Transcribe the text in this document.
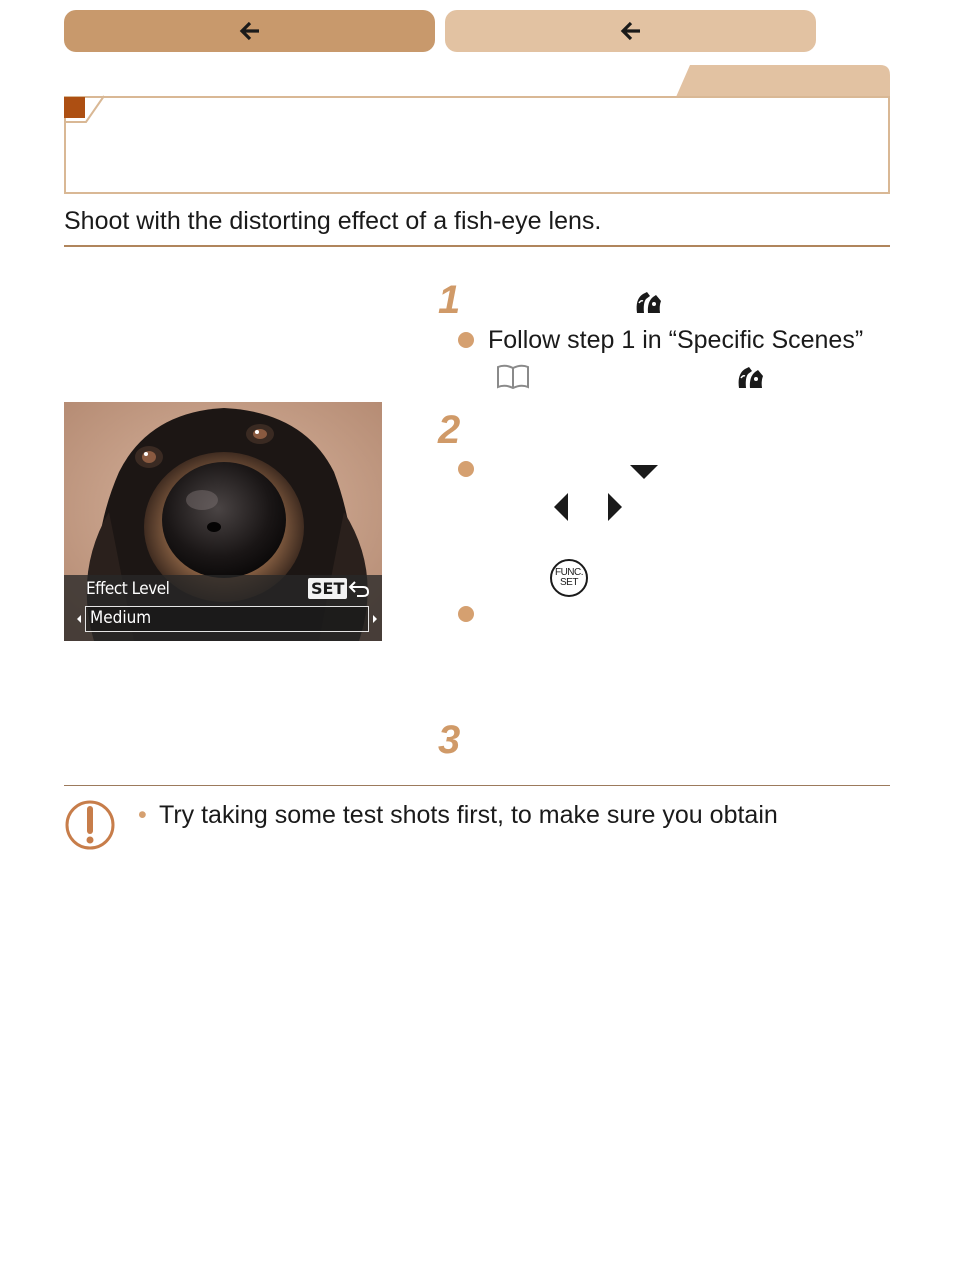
Shoot with the distorting effect of a fish-eye lens.
1
Follow step 1 in “Specific Scenes”
2
FUNC.
SET
3
Effect Level	SET
Medium
• Try taking some test shots first, to make sure you obtain
